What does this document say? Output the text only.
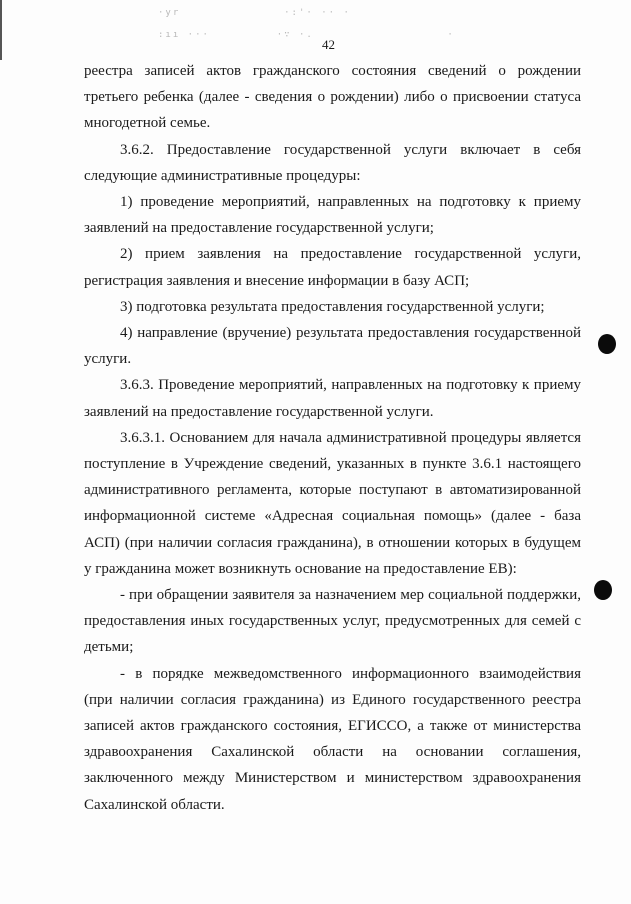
·yr              ·:'· ·· ·
:ıı ···         ·∵ ·.                  ·
42

реестра записей актов гражданского состояния сведений о рождении третьего ребенка (далее - сведения о рождении) либо о присвоении статуса многодетной семье.

3.6.2. Предоставление государственной услуги включает в себя следующие административные процедуры:

1) проведение мероприятий, направленных на подготовку к приему заявлений на предоставление государственной услуги;

2) прием заявления на предоставление государственной услуги, регистрация заявления и внесение информации в базу АСП;

3) подготовка результата предоставления государственной услуги;

4) направление (вручение) результата предоставления государственной услуги.

3.6.3. Проведение мероприятий, направленных на подготовку к приему заявлений на предоставление государственной услуги.

3.6.3.1. Основанием для начала административной процедуры является поступление в Учреждение сведений, указанных в пункте 3.6.1 настоящего административного регламента, которые поступают в автоматизированной информационной системе «Адресная социальная помощь» (далее - база АСП) (при наличии согласия гражданина), в отношении которых в будущем у гражданина может возникнуть основание на предоставление ЕВ):

- при обращении заявителя за назначением мер социальной поддержки, предоставления иных государственных услуг, предусмотренных для семей с детьми;

- в порядке межведомственного информационного взаимодействия (при наличии согласия гражданина) из Единого государственного реестра записей актов гражданского состояния, ЕГИССО, а также от министерства здравоохранения Сахалинской области на основании соглашения, заключенного между Министерством и министерством здравоохранения Сахалинской области.
